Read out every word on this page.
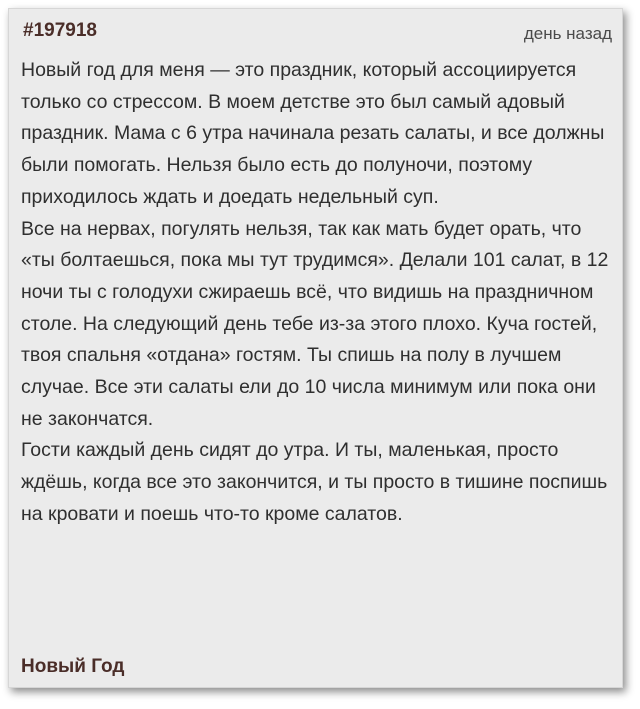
#197918	день назад

Новый год для меня — это праздник, который ассоциируется только со стрессом. В моем детстве это был самый адовый праздник. Мама с 6 утра начинала резать салаты, и все должны были помогать. Нельзя было есть до полуночи, поэтому приходилось ждать и доедать недельный суп.

Все на нервах, погулять нельзя, так как мать будет орать, что «ты болтаешься, пока мы тут трудимся». Делали 101 салат, в 12 ночи ты с голодухи сжираешь всё, что видишь на праздничном столе. На следующий день тебе из-за этого плохо. Куча гостей, твоя спальня «отдана» гостям. Ты спишь на полу в лучшем случае. Все эти салаты ели до 10 числа минимум или пока они не закончатся.

Гости каждый день сидят до утра. И ты, маленькая, просто ждёшь, когда все это закончится, и ты просто в тишине поспишь на кровати и поешь что-то кроме салатов.

Новый Год
